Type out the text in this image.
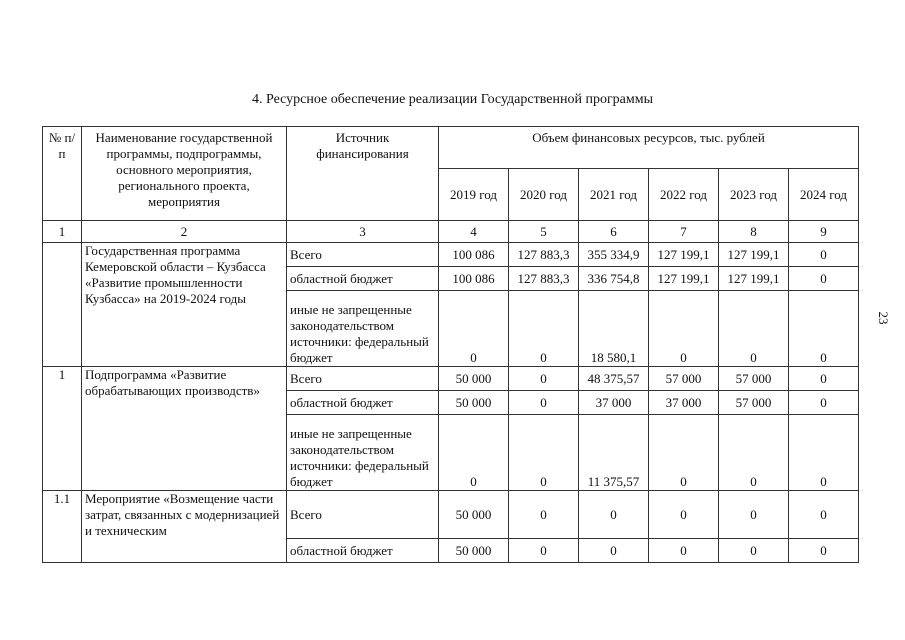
4. Ресурсное обеспечение реализации Государственной программы
23
№ п/п	Наименование государственной программы, подпрограммы, основного мероприятия, регионального проекта, мероприятия	Источник финансирования	Объем финансовых ресурсов, тыс. рублей					
			2019 год	2020 год	2021 год	2022 год	2023 год	2024 год
1	2	3	4	5	6	7	8	9
	Государственная программа Кемеровской области – Кузбасса «Развитие промышленности Кузбасса» на 2019-2024 годы	Всего	100 086	127 883,3	355 334,9	127 199,1	127 199,1	0
		областной бюджет	100 086	127 883,3	336 754,8	127 199,1	127 199,1	0
		иные не запрещенные законодательством источники: федеральный бюджет	0	0	18 580,1	0	0	0
1	Подпрограмма «Развитие обрабатывающих производств»	Всего	50 000	0	48 375,57	57 000	57 000	0
		областной бюджет	50 000	0	37 000	37 000	57 000	0
		иные не запрещенные законодательством источники: федеральный бюджет	0	0	11 375,57	0	0	0
1.1	Мероприятие «Возмещение части затрат, связанных с модернизацией и техническим	Всего	50 000	0	0	0	0	0
		областной бюджет	50 000	0	0	0	0	0
